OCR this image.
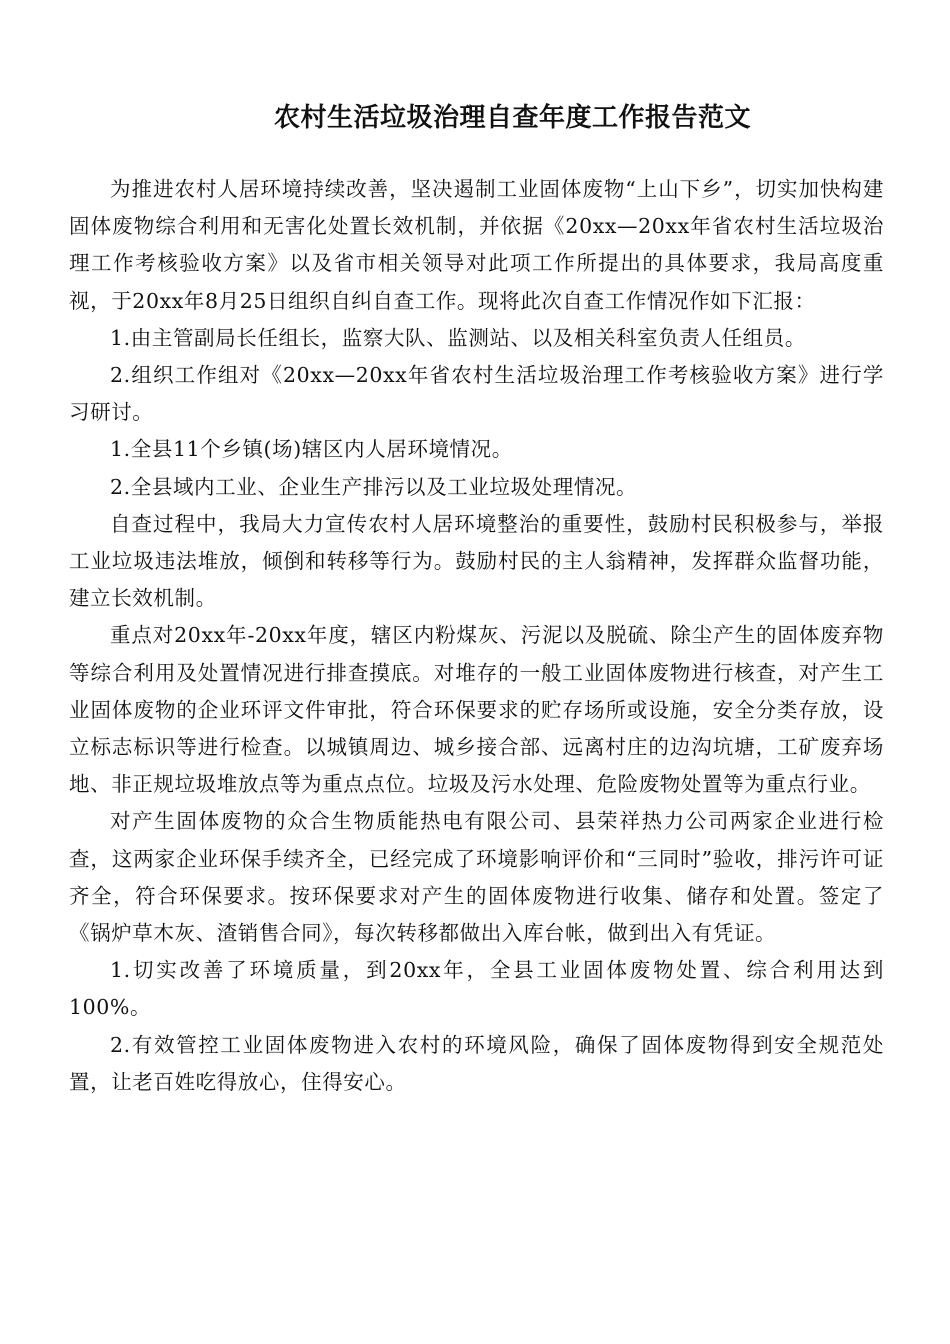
农村生活垃圾治理自查年度工作报告范文

为推进农村人居环境持续改善，坚决遏制工业固体废物“上山下乡”，切实加快构建固体废物综合利用和无害化处置长效机制，并依据《20xx—20xx年省农村生活垃圾治理工作考核验收方案》以及省市相关领导对此项工作所提出的具体要求，我局高度重视，于20xx年8月25日组织自纠自查工作。现将此次自查工作情况作如下汇报：

1.由主管副局长任组长，监察大队、监测站、以及相关科室负责人任组员。

2.组织工作组对《20xx—20xx年省农村生活垃圾治理工作考核验收方案》进行学习研讨。

1.全县11个乡镇(场)辖区内人居环境情况。

2.全县域内工业、企业生产排污以及工业垃圾处理情况。

自查过程中，我局大力宣传农村人居环境整治的重要性，鼓励村民积极参与，举报工业垃圾违法堆放，倾倒和转移等行为。鼓励村民的主人翁精神，发挥群众监督功能，建立长效机制。

重点对20xx年-20xx年度，辖区内粉煤灰、污泥以及脱硫、除尘产生的固体废弃物等综合利用及处置情况进行排查摸底。对堆存的一般工业固体废物进行核查，对产生工业固体废物的企业环评文件审批，符合环保要求的贮存场所或设施，安全分类存放，设立标志标识等进行检查。以城镇周边、城乡接合部、远离村庄的边沟坑塘，工矿废弃场地、非正规垃圾堆放点等为重点点位。垃圾及污水处理、危险废物处置等为重点行业。

对产生固体废物的众合生物质能热电有限公司、县荣祥热力公司两家企业进行检查，这两家企业环保手续齐全，已经完成了环境影响评价和“三同时”验收，排污许可证齐全，符合环保要求。按环保要求对产生的固体废物进行收集、储存和处置。签定了《锅炉草木灰、渣销售合同》，每次转移都做出入库台帐，做到出入有凭证。

1.切实改善了环境质量，到20xx年，全县工业固体废物处置、综合利用达到100%。

2.有效管控工业固体废物进入农村的环境风险，确保了固体废物得到安全规范处置，让老百姓吃得放心，住得安心。
